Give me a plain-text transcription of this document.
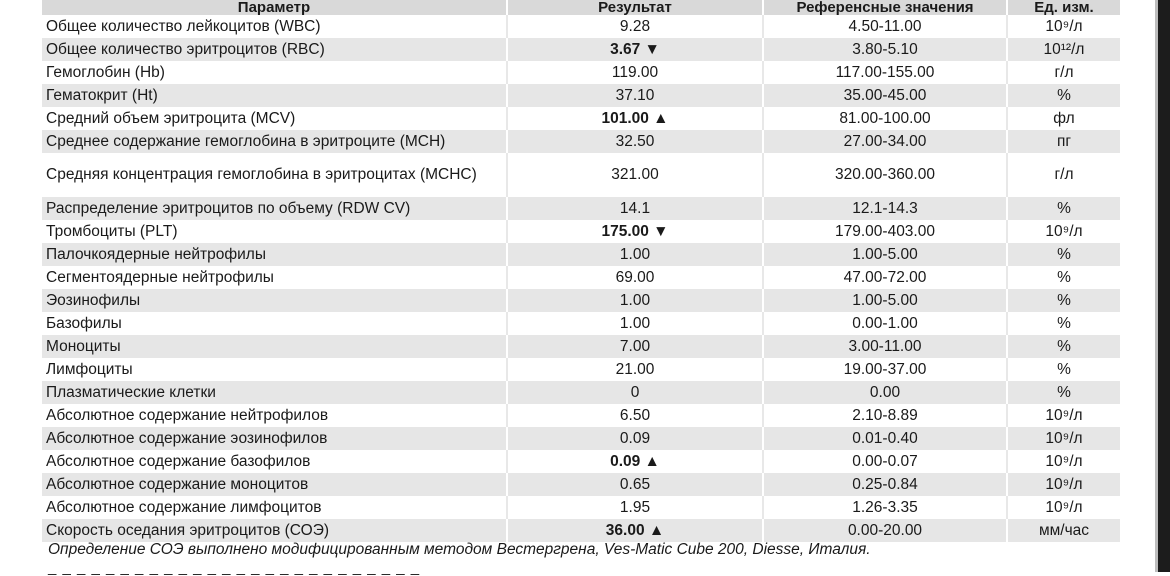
Параметр	Результат	Референсные значения	Ед. изм.
Общее количество лейкоцитов (WBC)	9.28	4.50-11.00	10⁹/л
Общее количество эритроцитов (RBC)	3.67 ▼	3.80-5.10	10¹²/л
Гемоглобин (Hb)	119.00	117.00-155.00	г/л
Гематокрит (Ht)	37.10	35.00-45.00	%
Средний объем эритроцита (MCV)	101.00 ▲	81.00-100.00	фл
Среднее содержание гемоглобина в эритроците (MCH)	32.50	27.00-34.00	пг
Средняя концентрация гемоглобина в эритроцитах (MCHC)	321.00	320.00-360.00	г/л
Распределение эритроцитов по объему (RDW CV)	14.1	12.1-14.3	%
Тромбоциты (PLT)	175.00 ▼	179.00-403.00	10⁹/л
Палочкоядерные нейтрофилы	1.00	1.00-5.00	%
Сегментоядерные нейтрофилы	69.00	47.00-72.00	%
Эозинофилы	1.00	1.00-5.00	%
Базофилы	1.00	0.00-1.00	%
Моноциты	7.00	3.00-11.00	%
Лимфоциты	21.00	19.00-37.00	%
Плазматические клетки	0	0.00	%
Абсолютное содержание нейтрофилов	6.50	2.10-8.89	10⁹/л
Абсолютное содержание эозинофилов	0.09	0.01-0.40	10⁹/л
Абсолютное содержание базофилов	0.09 ▲	0.00-0.07	10⁹/л
Абсолютное содержание моноцитов	0.65	0.25-0.84	10⁹/л
Абсолютное содержание лимфоцитов	1.95	1.26-3.35	10⁹/л
Скорость оседания эритроцитов (СОЭ)	36.00 ▲	0.00-20.00	мм/час
Определение СОЭ выполнено модифицированным методом Вестергрена, Ves-Matic Cube 200, Diesse, Италия.
_ _ _ _ _ _ _ _ _ _ _ _ _ _ _ _ _ _ _ _ _ _ _ _ _ _
